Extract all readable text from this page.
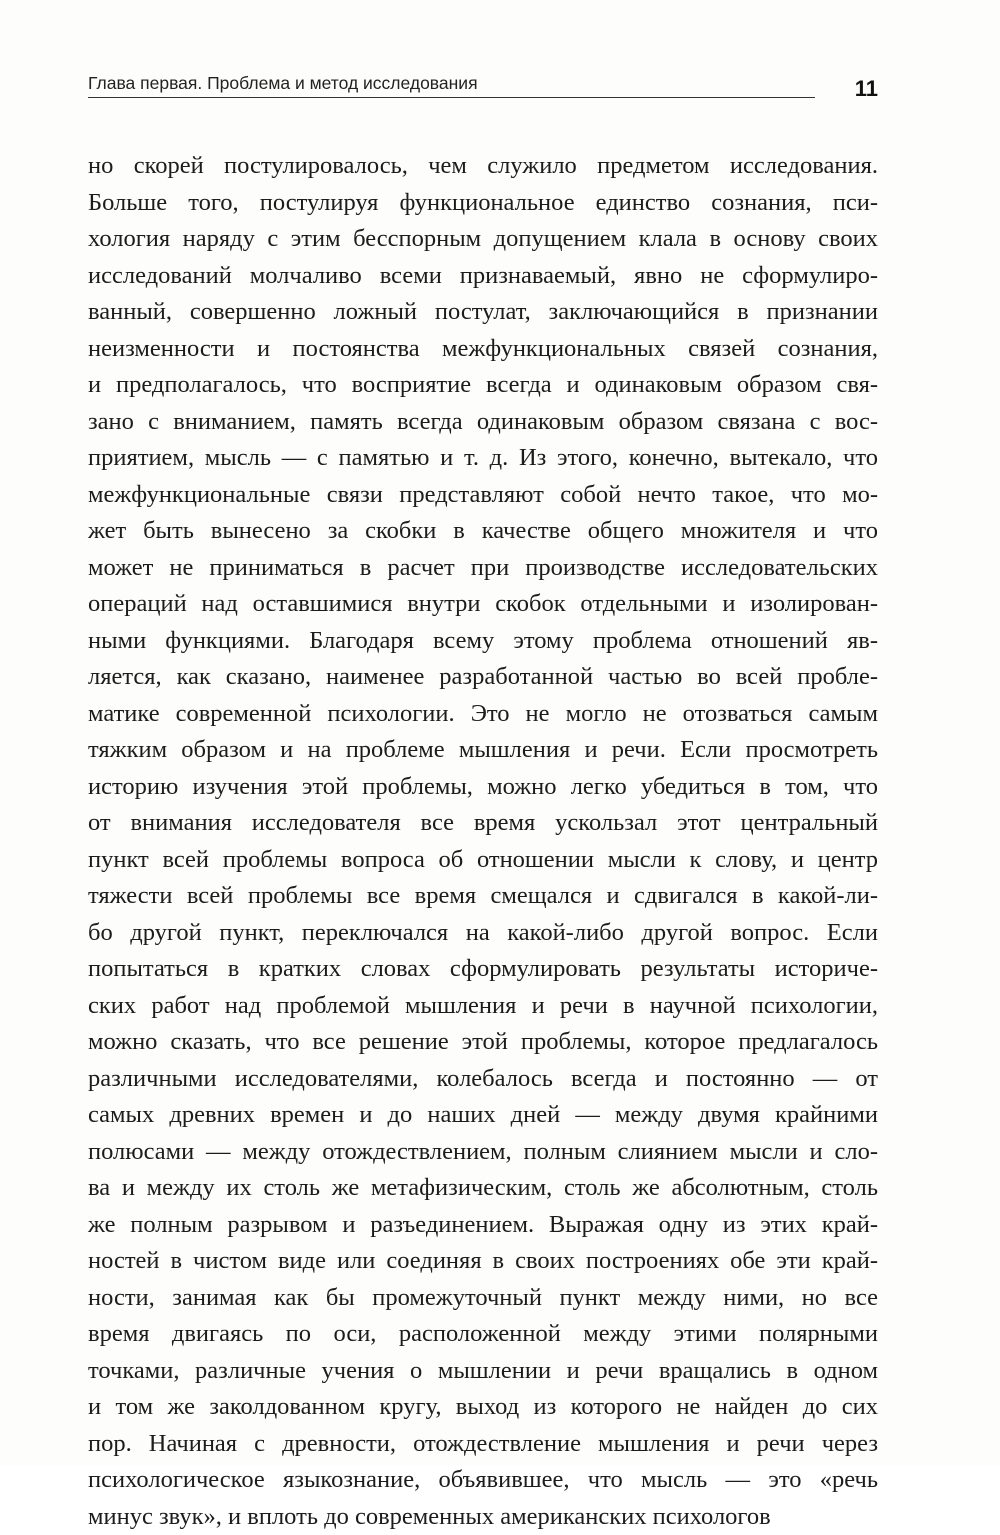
Глава первая. Проблема и метод исследования	11
но скорей постулировалось, чем служило предметом исследования.
Больше того, постулируя функциональное единство сознания, пси-
хология наряду с этим бесспорным допущением клала в основу своих
исследований молчаливо всеми признаваемый, явно не сформулиро-
ванный, совершенно ложный постулат, заключающийся в признании
неизменности и постоянства межфункциональных связей сознания,
и предполагалось, что восприятие всегда и одинаковым образом свя-
зано с вниманием, память всегда одинаковым образом связана с вос-
приятием, мысль — с памятью и т. д. Из этого, конечно, вытекало, что
межфункциональные связи представляют собой нечто такое, что мо-
жет быть вынесено за скобки в качестве общего множителя и что
может не приниматься в расчет при производстве исследовательских
операций над оставшимися внутри скобок отдельными и изолирован-
ными функциями. Благодаря всему этому проблема отношений яв-
ляется, как сказано, наименее разработанной частью во всей пробле-
матике современной психологии. Это не могло не отозваться самым
тяжким образом и на проблеме мышления и речи. Если просмотреть
историю изучения этой проблемы, можно легко убедиться в том, что
от внимания исследователя все время ускользал этот центральный
пункт всей проблемы вопроса об отношении мысли к слову, и центр
тяжести всей проблемы все время смещался и сдвигался в какой-ли-
бо другой пункт, переключался на какой-либо другой вопрос. Если
попытаться в кратких словах сформулировать результаты историче-
ских работ над проблемой мышления и речи в научной психологии,
можно сказать, что все решение этой проблемы, которое предлагалось
различными исследователями, колебалось всегда и постоянно — от
самых древних времен и до наших дней — между двумя крайними
полюсами — между отождествлением, полным слиянием мысли и сло-
ва и между их столь же метафизическим, столь же абсолютным, столь
же полным разрывом и разъединением. Выражая одну из этих край-
ностей в чистом виде или соединяя в своих построениях обе эти край-
ности, занимая как бы промежуточный пункт между ними, но все
время двигаясь по оси, расположенной между этими полярными
точками, различные учения о мышлении и речи вращались в одном
и том же заколдованном кругу, выход из которого не найден до сих
пор. Начиная с древности, отождествление мышления и речи через
психологическое языкознание, объявившее, что мысль — это «речь
минус звук», и вплоть до современных американских психологов
